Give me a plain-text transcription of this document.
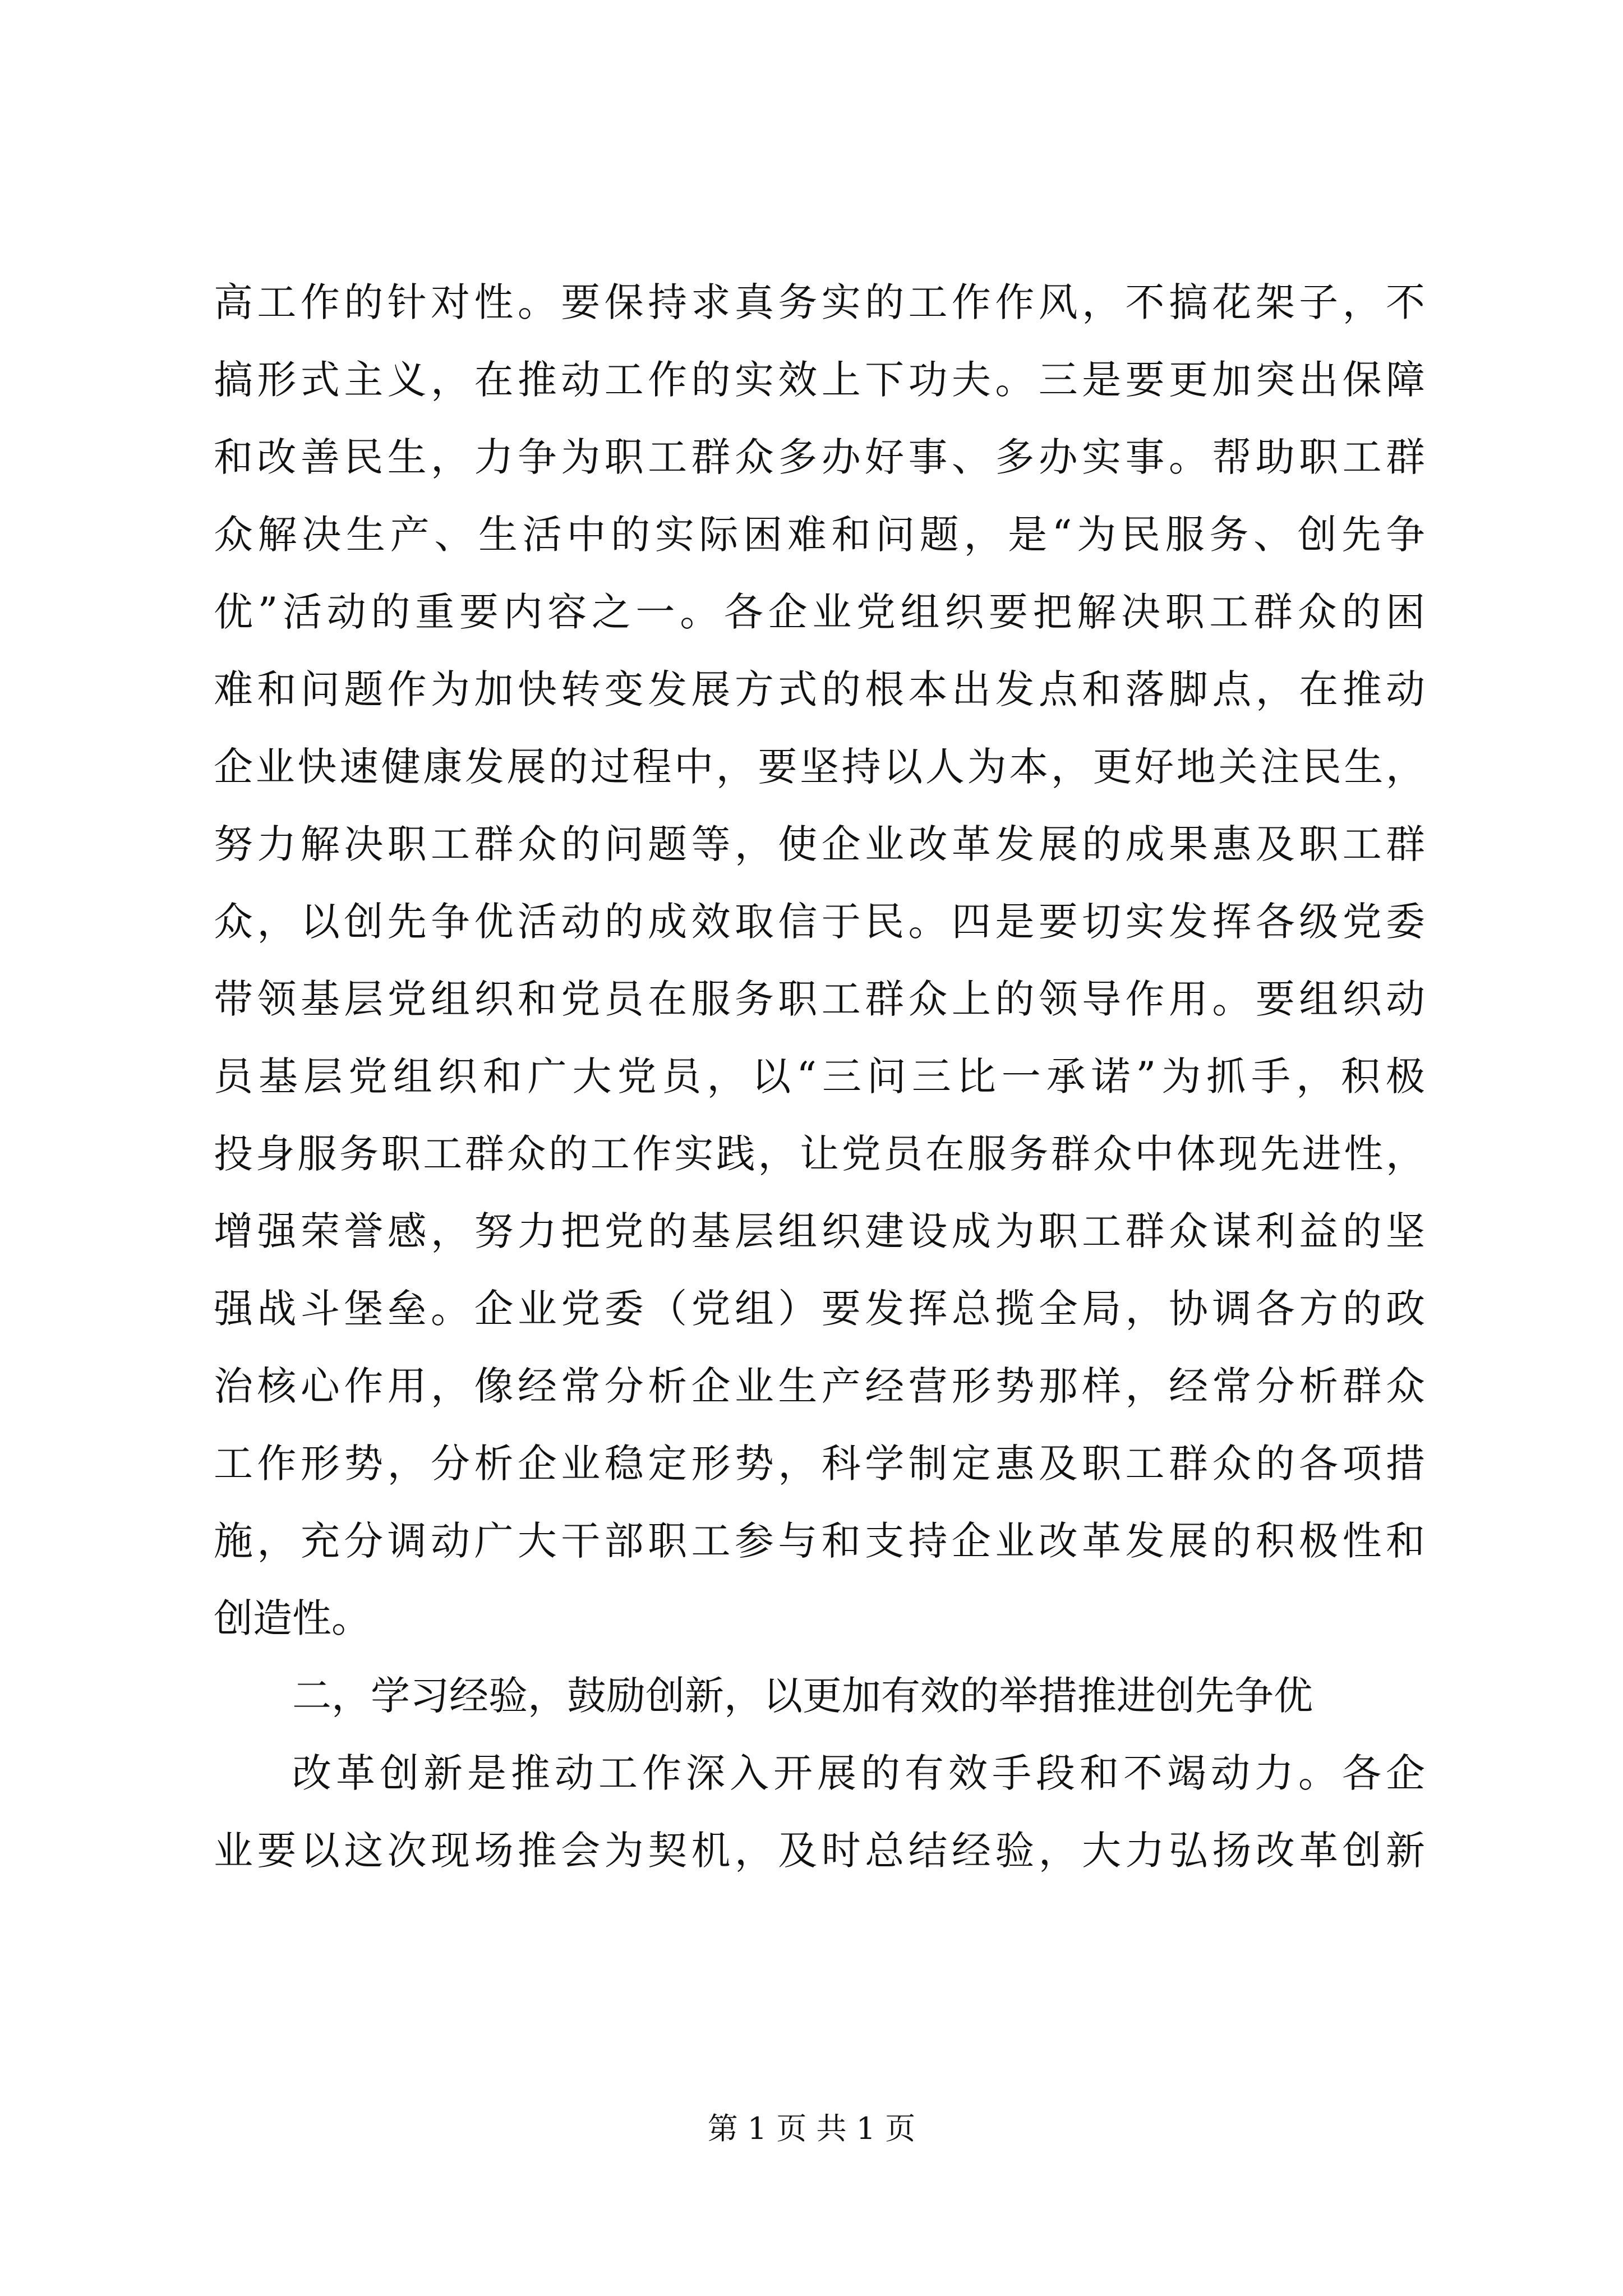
高工作的针对性。要保持求真务实的工作作风，不搞花架子，不
搞形式主义，在推动工作的实效上下功夫。三是要更加突出保障
和改善民生，力争为职工群众多办好事、多办实事。帮助职工群
众解决生产、生活中的实际困难和问题，是“为民服务、创先争
优”活动的重要内容之一。各企业党组织要把解决职工群众的困
难和问题作为加快转变发展方式的根本出发点和落脚点，在推动
企业快速健康发展的过程中，要坚持以人为本，更好地关注民生，
努力解决职工群众的问题等，使企业改革发展的成果惠及职工群
众，以创先争优活动的成效取信于民。四是要切实发挥各级党委
带领基层党组织和党员在服务职工群众上的领导作用。要组织动
员基层党组织和广大党员，以“三问三比一承诺”为抓手，积极
投身服务职工群众的工作实践，让党员在服务群众中体现先进性，
增强荣誉感，努力把党的基层组织建设成为职工群众谋利益的坚
强战斗堡垒。企业党委（党组）要发挥总揽全局，协调各方的政
治核心作用，像经常分析企业生产经营形势那样，经常分析群众
工作形势，分析企业稳定形势，科学制定惠及职工群众的各项措
施，充分调动广大干部职工参与和支持企业改革发展的积极性和
创造性。
二，学习经验，鼓励创新，以更加有效的举措推进创先争优
改革创新是推动工作深入开展的有效手段和不竭动力。各企
业要以这次现场推会为契机，及时总结经验，大力弘扬改革创新
第 1 页 共 1 页
